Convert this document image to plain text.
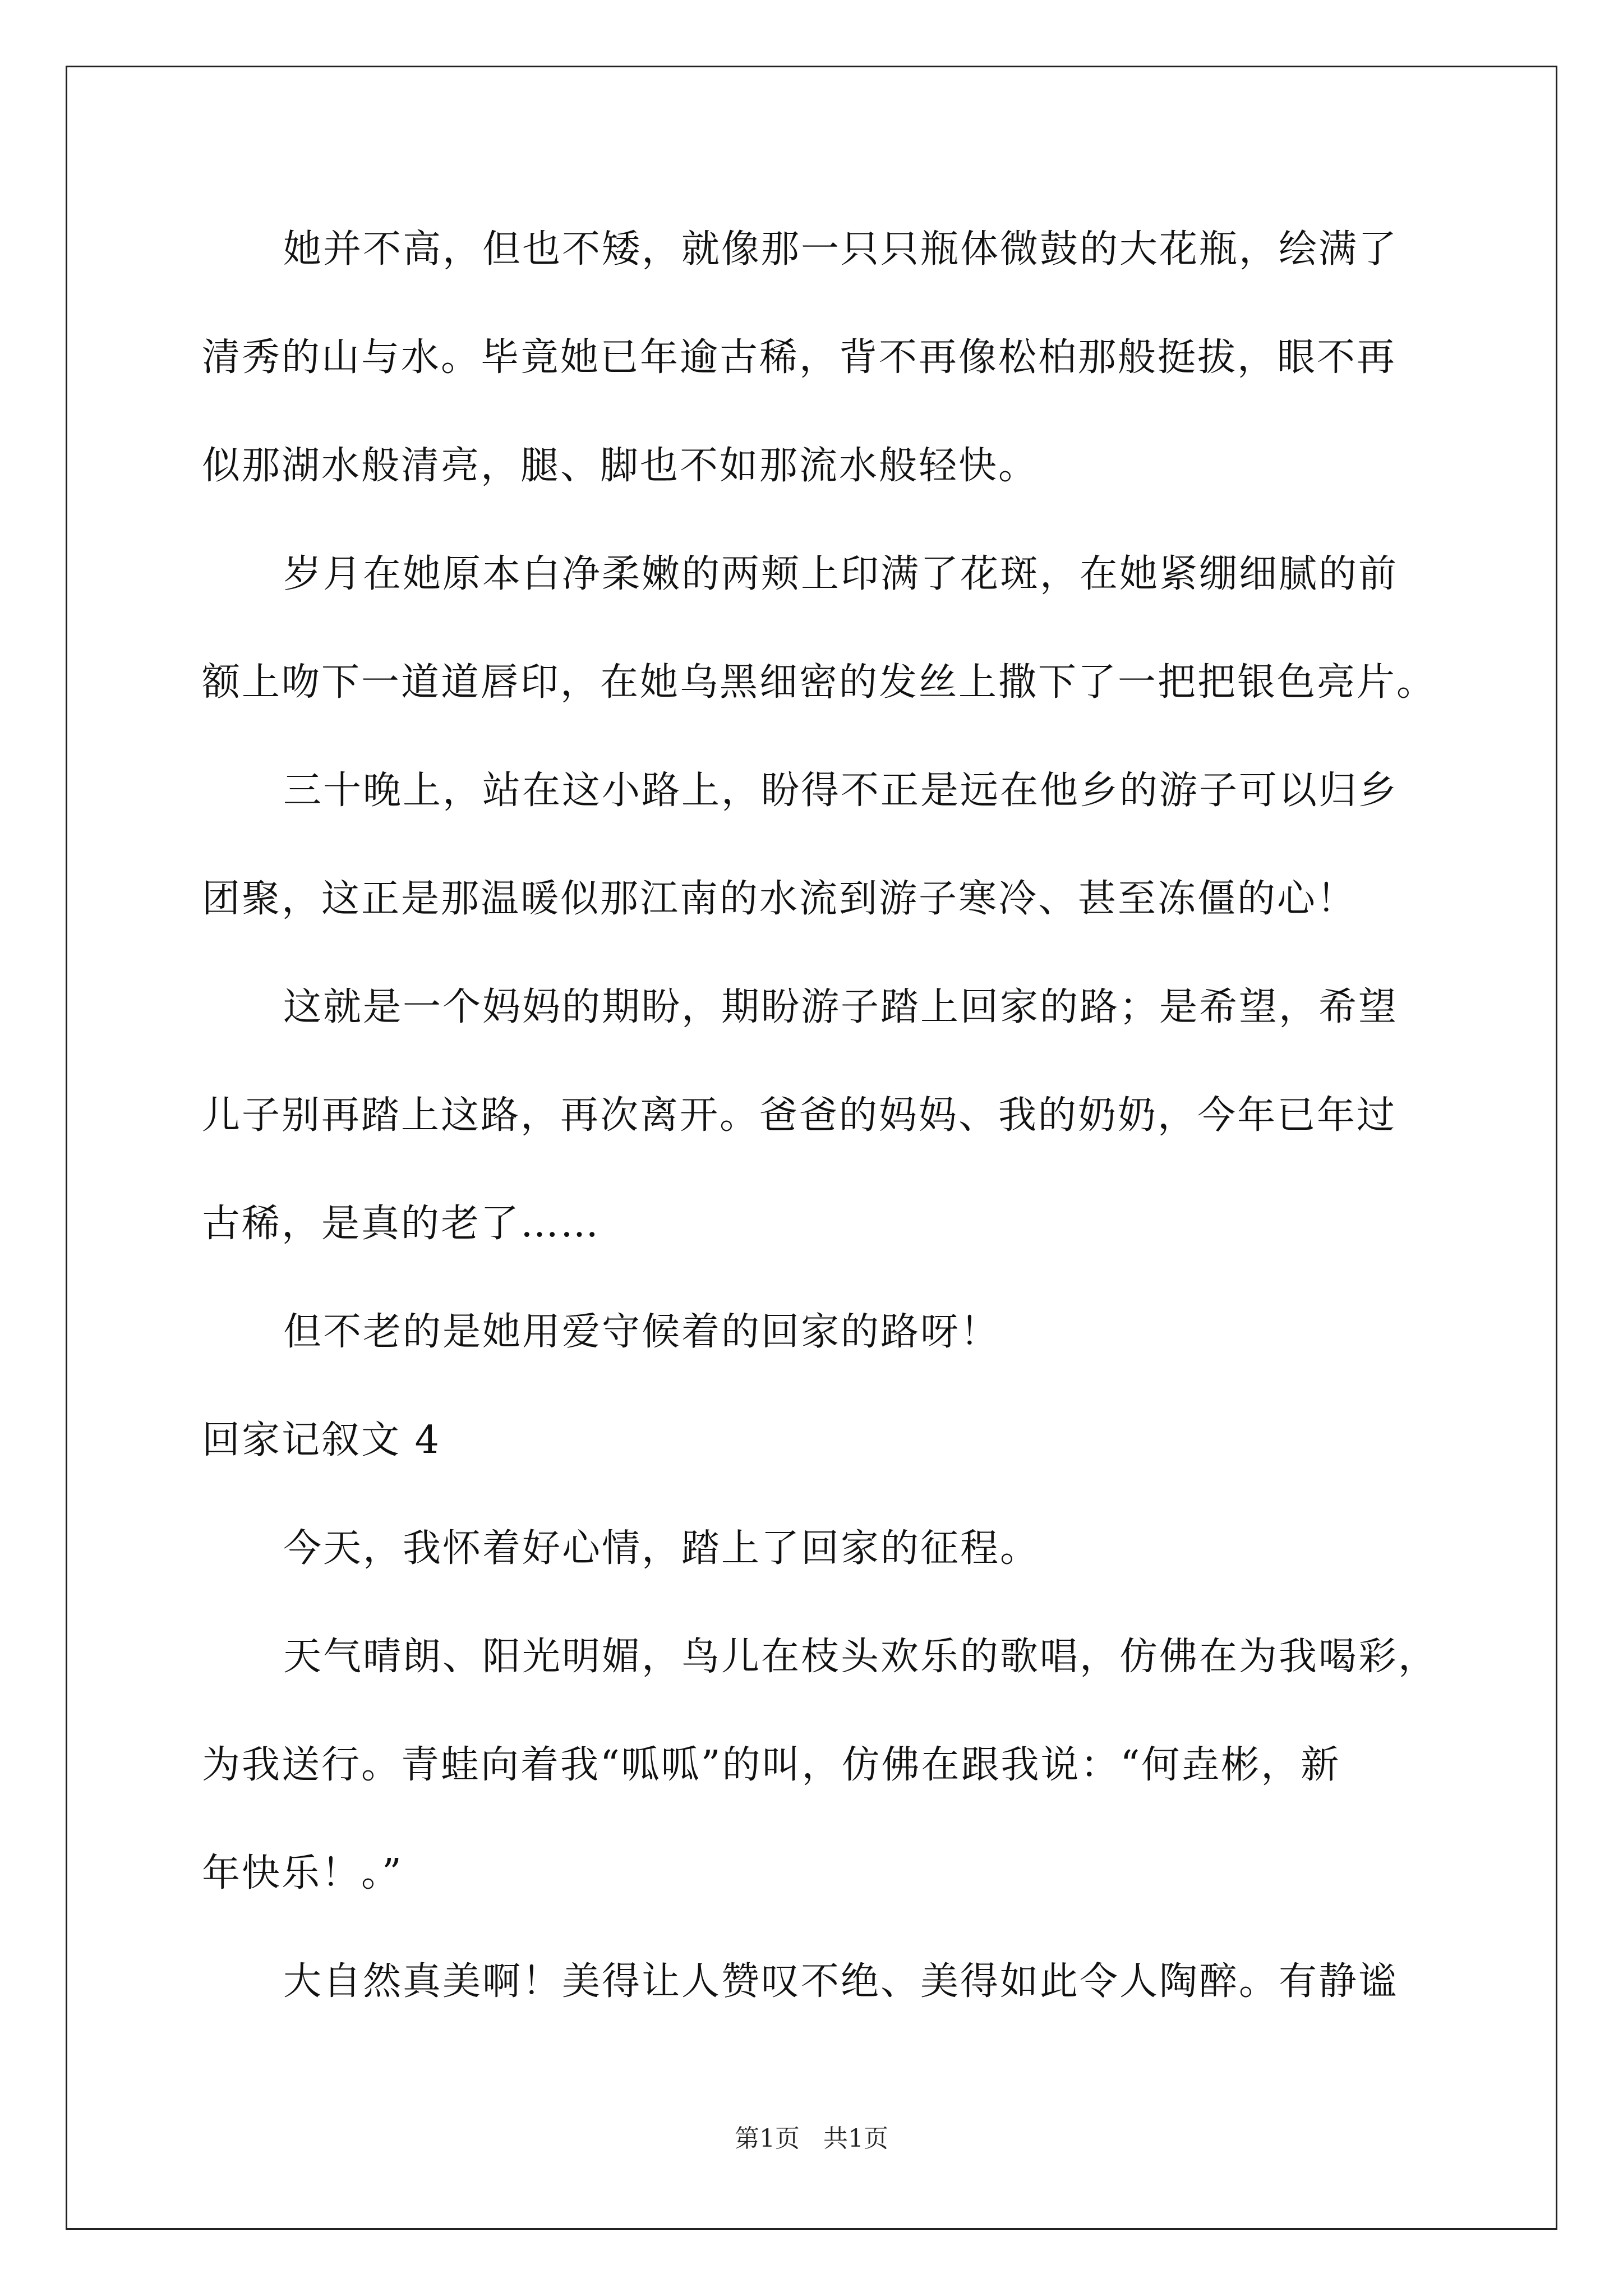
她并不高，但也不矮，就像那一只只瓶体微鼓的大花瓶，绘满了
清秀的山与水。毕竟她已年逾古稀，背不再像松柏那般挺拔，眼不再
似那湖水般清亮，腿、脚也不如那流水般轻快。
岁月在她原本白净柔嫩的两颊上印满了花斑，在她紧绷细腻的前
额上吻下一道道唇印，在她乌黑细密的发丝上撒下了一把把银色亮片。
三十晚上，站在这小路上，盼得不正是远在他乡的游子可以归乡
团聚，这正是那温暖似那江南的水流到游子寒冷、甚至冻僵的心！
这就是一个妈妈的期盼，期盼游子踏上回家的路；是希望，希望
儿子别再踏上这路，再次离开。爸爸的妈妈、我的奶奶，今年已年过
古稀，是真的老了……
但不老的是她用爱守候着的回家的路呀！
回家记叙文 4
今天，我怀着好心情，踏上了回家的征程。
天气晴朗、阳光明媚，鸟儿在枝头欢乐的歌唱，仿佛在为我喝彩，
为我送行。青蛙向着我“呱呱”的叫，仿佛在跟我说：“何垚彬，新
年快乐！。”
大自然真美啊！美得让人赞叹不绝、美得如此令人陶醉。有静谧
第1页   共1页
